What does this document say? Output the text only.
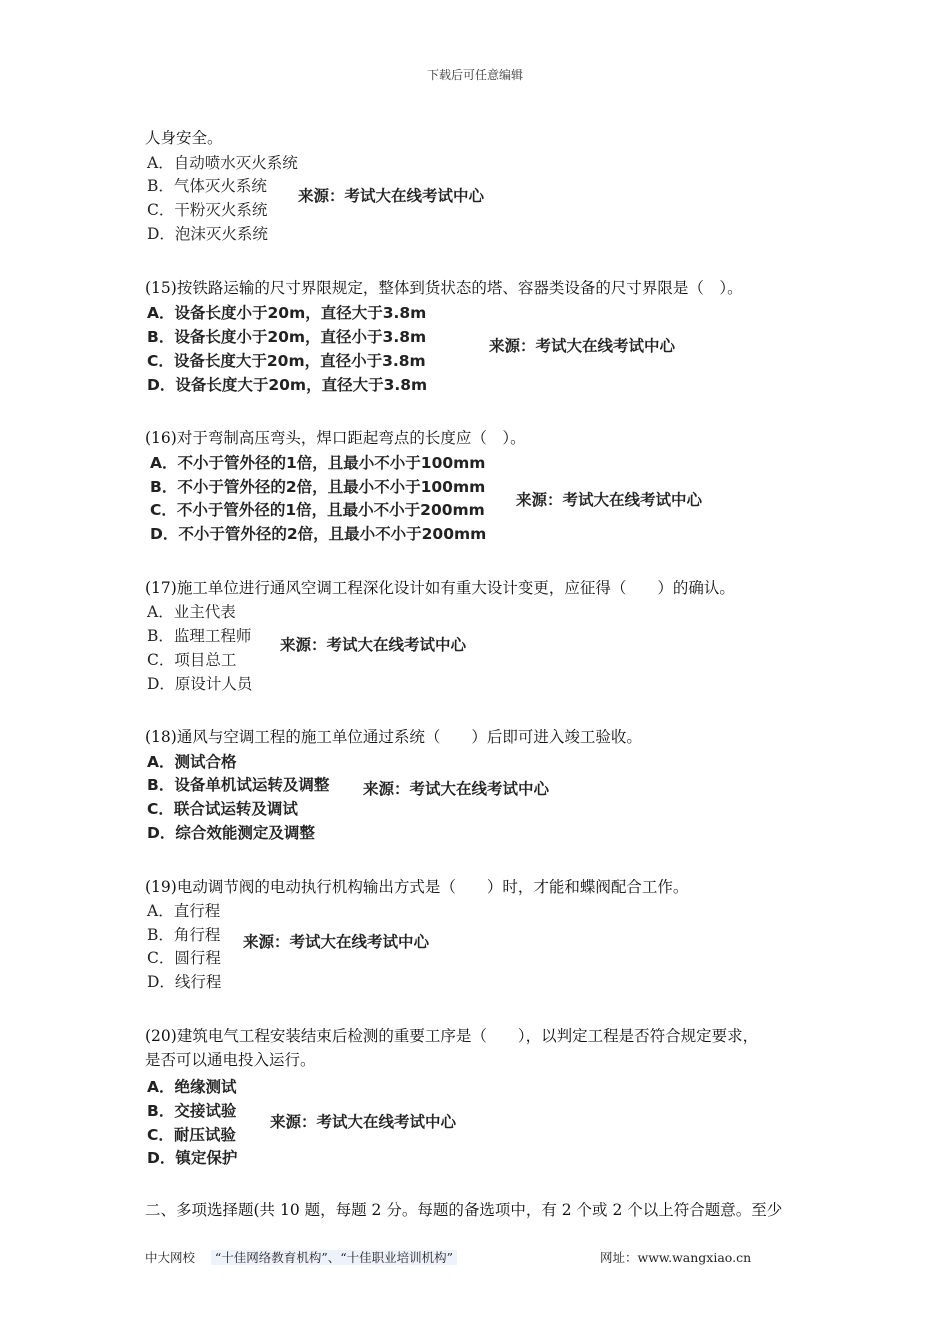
下载后可任意编辑
人身安全。
A．自动喷水灭火系统
B．气体灭火系统
C．干粉灭火系统
D．泡沫灭火系统
来源：考试大在线考试中心
(15)按铁路运输的尺寸界限规定，整体到货状态的塔、容器类设备的尺寸界限是（　）。
A．设备长度小于20m，直径大于3.8m
B．设备长度小于20m，直径小于3.8m
C．设备长度大于20m，直径小于3.8m
D．设备长度大于20m，直径大于3.8m
来源：考试大在线考试中心
(16)对于弯制高压弯头，焊口距起弯点的长度应（　）。
A．不小于管外径的1倍，且最小不小于100mm
B．不小于管外径的2倍，且最小不小于100mm
C．不小于管外径的1倍，且最小不小于200mm
D．不小于管外径的2倍，且最小不小于200mm
来源：考试大在线考试中心
(17)施工单位进行通风空调工程深化设计如有重大设计变更，应征得（　　）的确认。
A．业主代表
B．监理工程师
C．项目总工
D．原设计人员
来源：考试大在线考试中心
(18)通风与空调工程的施工单位通过系统（　　）后即可进入竣工验收。
A．测试合格
B．设备单机试运转及调整
C．联合试运转及调试
D．综合效能测定及调整
来源：考试大在线考试中心
(19)电动调节阀的电动执行机构输出方式是（　　）时，才能和蝶阀配合工作。
A．直行程
B．角行程
C．圆行程
D．线行程
来源：考试大在线考试中心
(20)建筑电气工程安装结束后检测的重要工序是（　　），以判定工程是否符合规定要求，
是否可以通电投入运行。
A．绝缘测试
B．交接试验
C．耐压试验
D．镇定保护
来源：考试大在线考试中心
二、多项选择题(共 10 题，每题 2 分。每题的备选项中，有 2 个或 2 个以上符合题意。至少
中大网校 “十佳网络教育机构”、“十佳职业培训机构”	网址：www.wangxiao.cn
